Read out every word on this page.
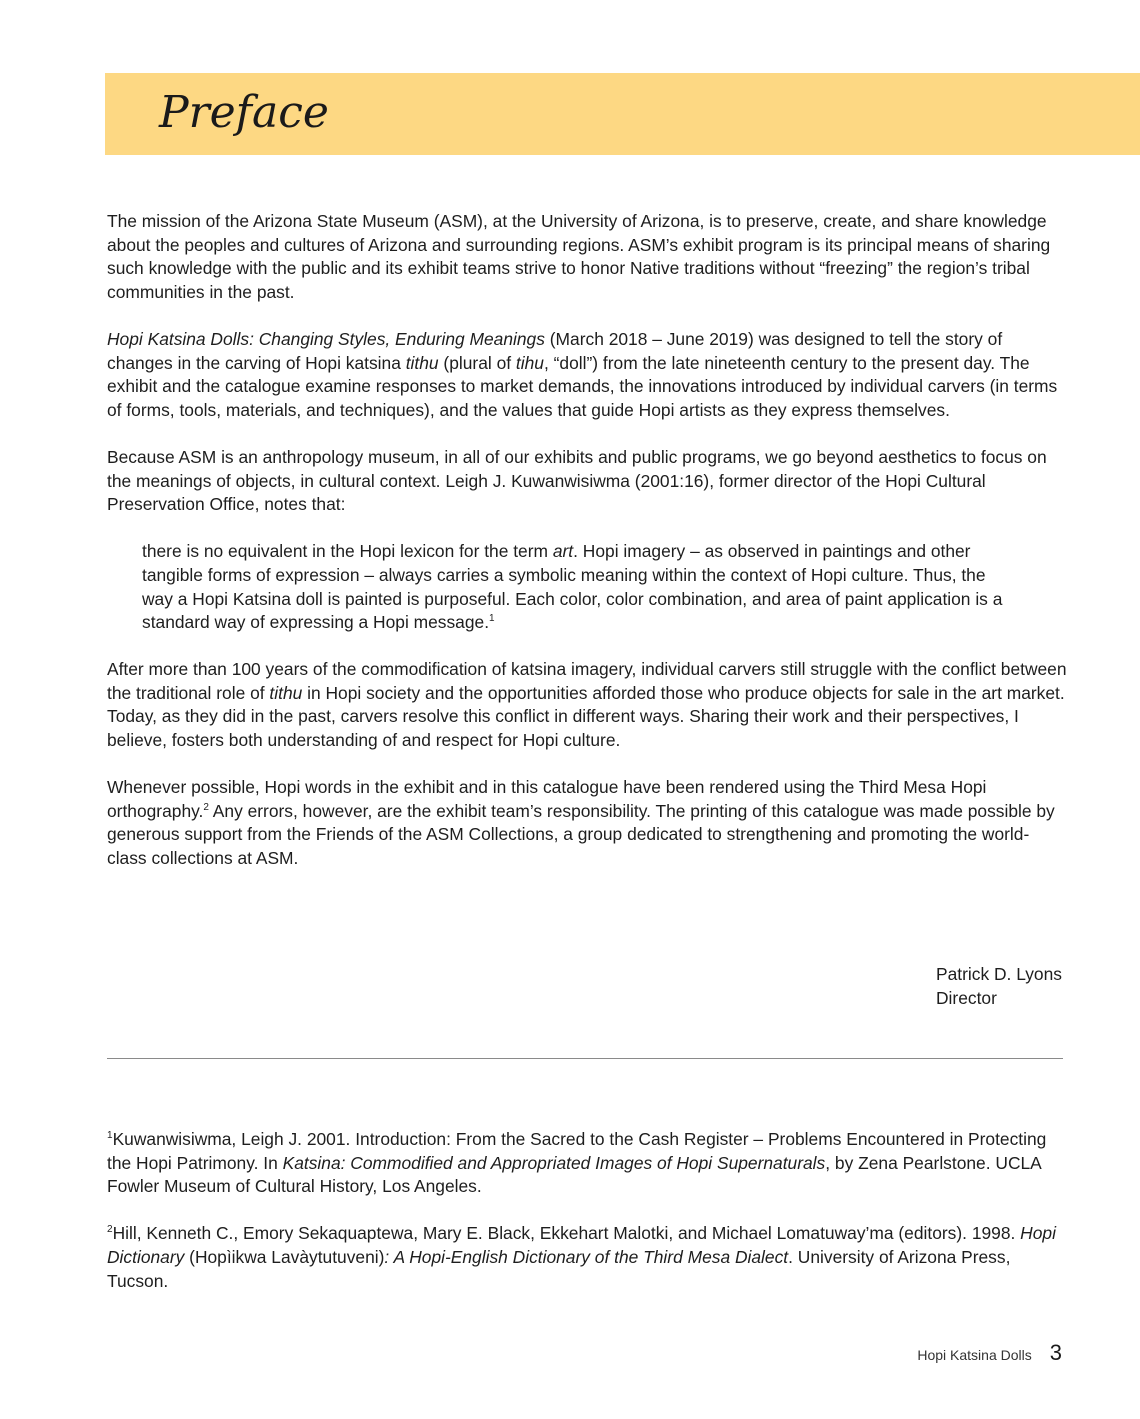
Preface

The mission of the Arizona State Museum (ASM), at the University of Arizona, is to preserve, create, and share knowledge about the peoples and cultures of Arizona and surrounding regions. ASM’s exhibit program is its principal means of sharing such knowledge with the public and its exhibit teams strive to honor Native traditions without “freezing” the region’s tribal communities in the past.

Hopi Katsina Dolls: Changing Styles, Enduring Meanings (March 2018 – June 2019) was designed to tell the story of changes in the carving of Hopi katsina tithu (plural of tihu, “doll”) from the late nineteenth century to the present day. The exhibit and the catalogue examine responses to market demands, the innovations introduced by individual carvers (in terms of forms, tools, materials, and techniques), and the values that guide Hopi artists as they express themselves.

Because ASM is an anthropology museum, in all of our exhibits and public programs, we go beyond aesthetics to focus on the meanings of objects, in cultural context. Leigh J. Kuwanwisiwma (2001:16), former director of the Hopi Cultural Preservation Office, notes that:

there is no equivalent in the Hopi lexicon for the term art. Hopi imagery – as observed in paintings and other tangible forms of expression – always carries a symbolic meaning within the context of Hopi culture. Thus, the way a Hopi Katsina doll is painted is purposeful. Each color, color combination, and area of paint application is a standard way of expressing a Hopi message.$^1$

After more than 100 years of the commodification of katsina imagery, individual carvers still struggle with the conflict between the traditional role of tithu in Hopi society and the opportunities afforded those who produce objects for sale in the art market. Today, as they did in the past, carvers resolve this conflict in different ways. Sharing their work and their perspectives, I believe, fosters both understanding of and respect for Hopi culture.

Whenever possible, Hopi words in the exhibit and in this catalogue have been rendered using the Third Mesa Hopi orthography.$^2$ Any errors, however, are the exhibit team’s responsibility. The printing of this catalogue was made possible by generous support from the Friends of the ASM Collections, a group dedicated to strengthening and promoting the world-class collections at ASM.

Patrick D. Lyons
Director

$^1$Kuwanwisiwma, Leigh J. 2001. Introduction: From the Sacred to the Cash Register – Problems Encountered in Protecting the Hopi Patrimony. In Katsina: Commodified and Appropriated Images of Hopi Supernaturals, by Zena Pearlstone. UCLA Fowler Museum of Cultural History, Los Angeles.

$^2$Hill, Kenneth C., Emory Sekaquaptewa, Mary E. Black, Ekkehart Malotki, and Michael Lomatuway’ma (editors). 1998. Hopi Dictionary (Hopìikwa Lavàytutuveni): A Hopi-English Dictionary of the Third Mesa Dialect. University of Arizona Press, Tucson.

Hopi Katsina Dolls 3
